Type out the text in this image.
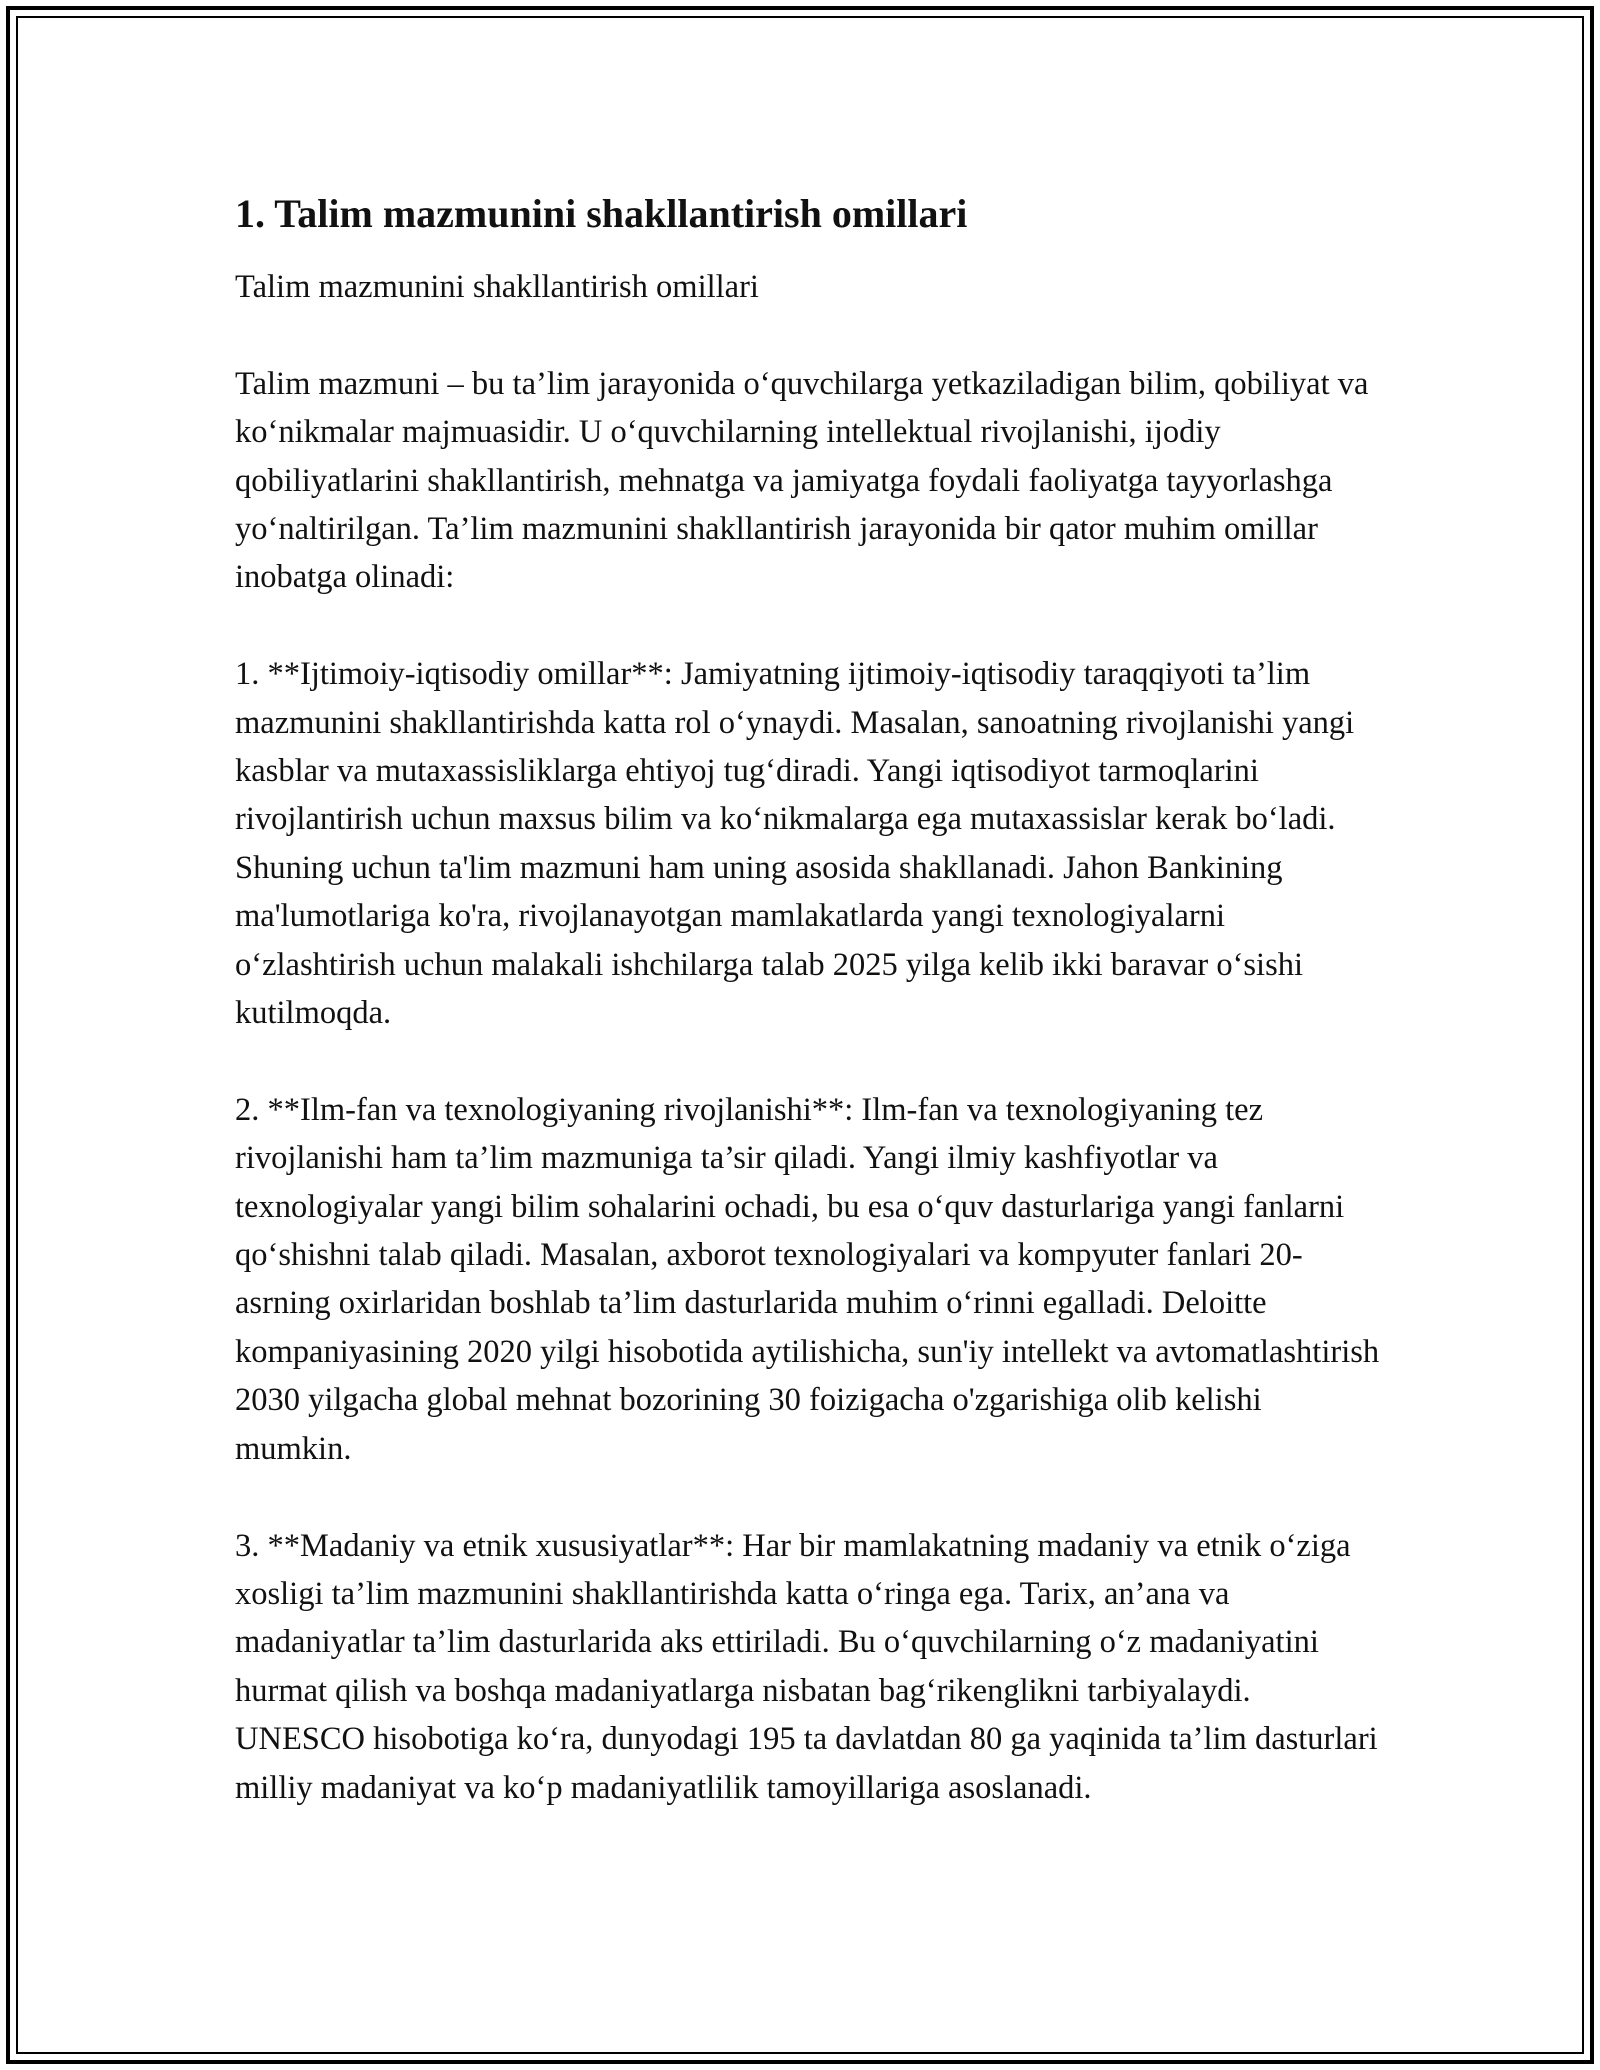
1. Talim mazmunini shakllantirish omillari

Talim mazmunini shakllantirish omillari

Talim mazmuni – bu ta’lim jarayonida o‘quvchilarga yetkaziladigan bilim, qobiliyat va ko‘nikmalar majmuasidir. U o‘quvchilarning intellektual rivojlanishi, ijodiy qobiliyatlarini shakllantirish, mehnatga va jamiyatga foydali faoliyatga tayyorlashga yo‘naltirilgan. Ta’lim mazmunini shakllantirish jarayonida bir qator muhim omillar inobatga olinadi:

1. **Ijtimoiy-iqtisodiy omillar**: Jamiyatning ijtimoiy-iqtisodiy taraqqiyoti ta’lim mazmunini shakllantirishda katta rol o‘ynaydi. Masalan, sanoatning rivojlanishi yangi kasblar va mutaxassisliklarga ehtiyoj tug‘diradi. Yangi iqtisodiyot tarmoqlarini rivojlantirish uchun maxsus bilim va ko‘nikmalarga ega mutaxassislar kerak bo‘ladi. Shuning uchun ta'lim mazmuni ham uning asosida shakllanadi. Jahon Bankining ma'lumotlariga ko'ra, rivojlanayotgan mamlakatlarda yangi texnologiyalarni o‘zlashtirish uchun malakali ishchilarga talab 2025 yilga kelib ikki baravar o‘sishi kutilmoqda.

2. **Ilm-fan va texnologiyaning rivojlanishi**: Ilm-fan va texnologiyaning tez rivojlanishi ham ta’lim mazmuniga ta’sir qiladi. Yangi ilmiy kashfiyotlar va texnologiyalar yangi bilim sohalarini ochadi, bu esa o‘quv dasturlariga yangi fanlarni qo‘shishni talab qiladi. Masalan, axborot texnologiyalari va kompyuter fanlari 20-asrning oxirlaridan boshlab ta’lim dasturlarida muhim o‘rinni egalladi. Deloitte kompaniyasining 2020 yilgi hisobotida aytilishicha, sun'iy intellekt va avtomatlashtirish 2030 yilgacha global mehnat bozorining 30 foizigacha o'zgarishiga olib kelishi mumkin.

3. **Madaniy va etnik xususiyatlar**: Har bir mamlakatning madaniy va etnik o‘ziga xosligi ta’lim mazmunini shakllantirishda katta o‘ringa ega. Tarix, an’ana va madaniyatlar ta’lim dasturlarida aks ettiriladi. Bu o‘quvchilarning o‘z madaniyatini hurmat qilish va boshqa madaniyatlarga nisbatan bag‘rikenglikni tarbiyalaydi. UNESCO hisobotiga ko‘ra, dunyodagi 195 ta davlatdan 80 ga yaqinida ta’lim dasturlari milliy madaniyat va ko‘p madaniyatlilik tamoyillariga asoslanadi.
